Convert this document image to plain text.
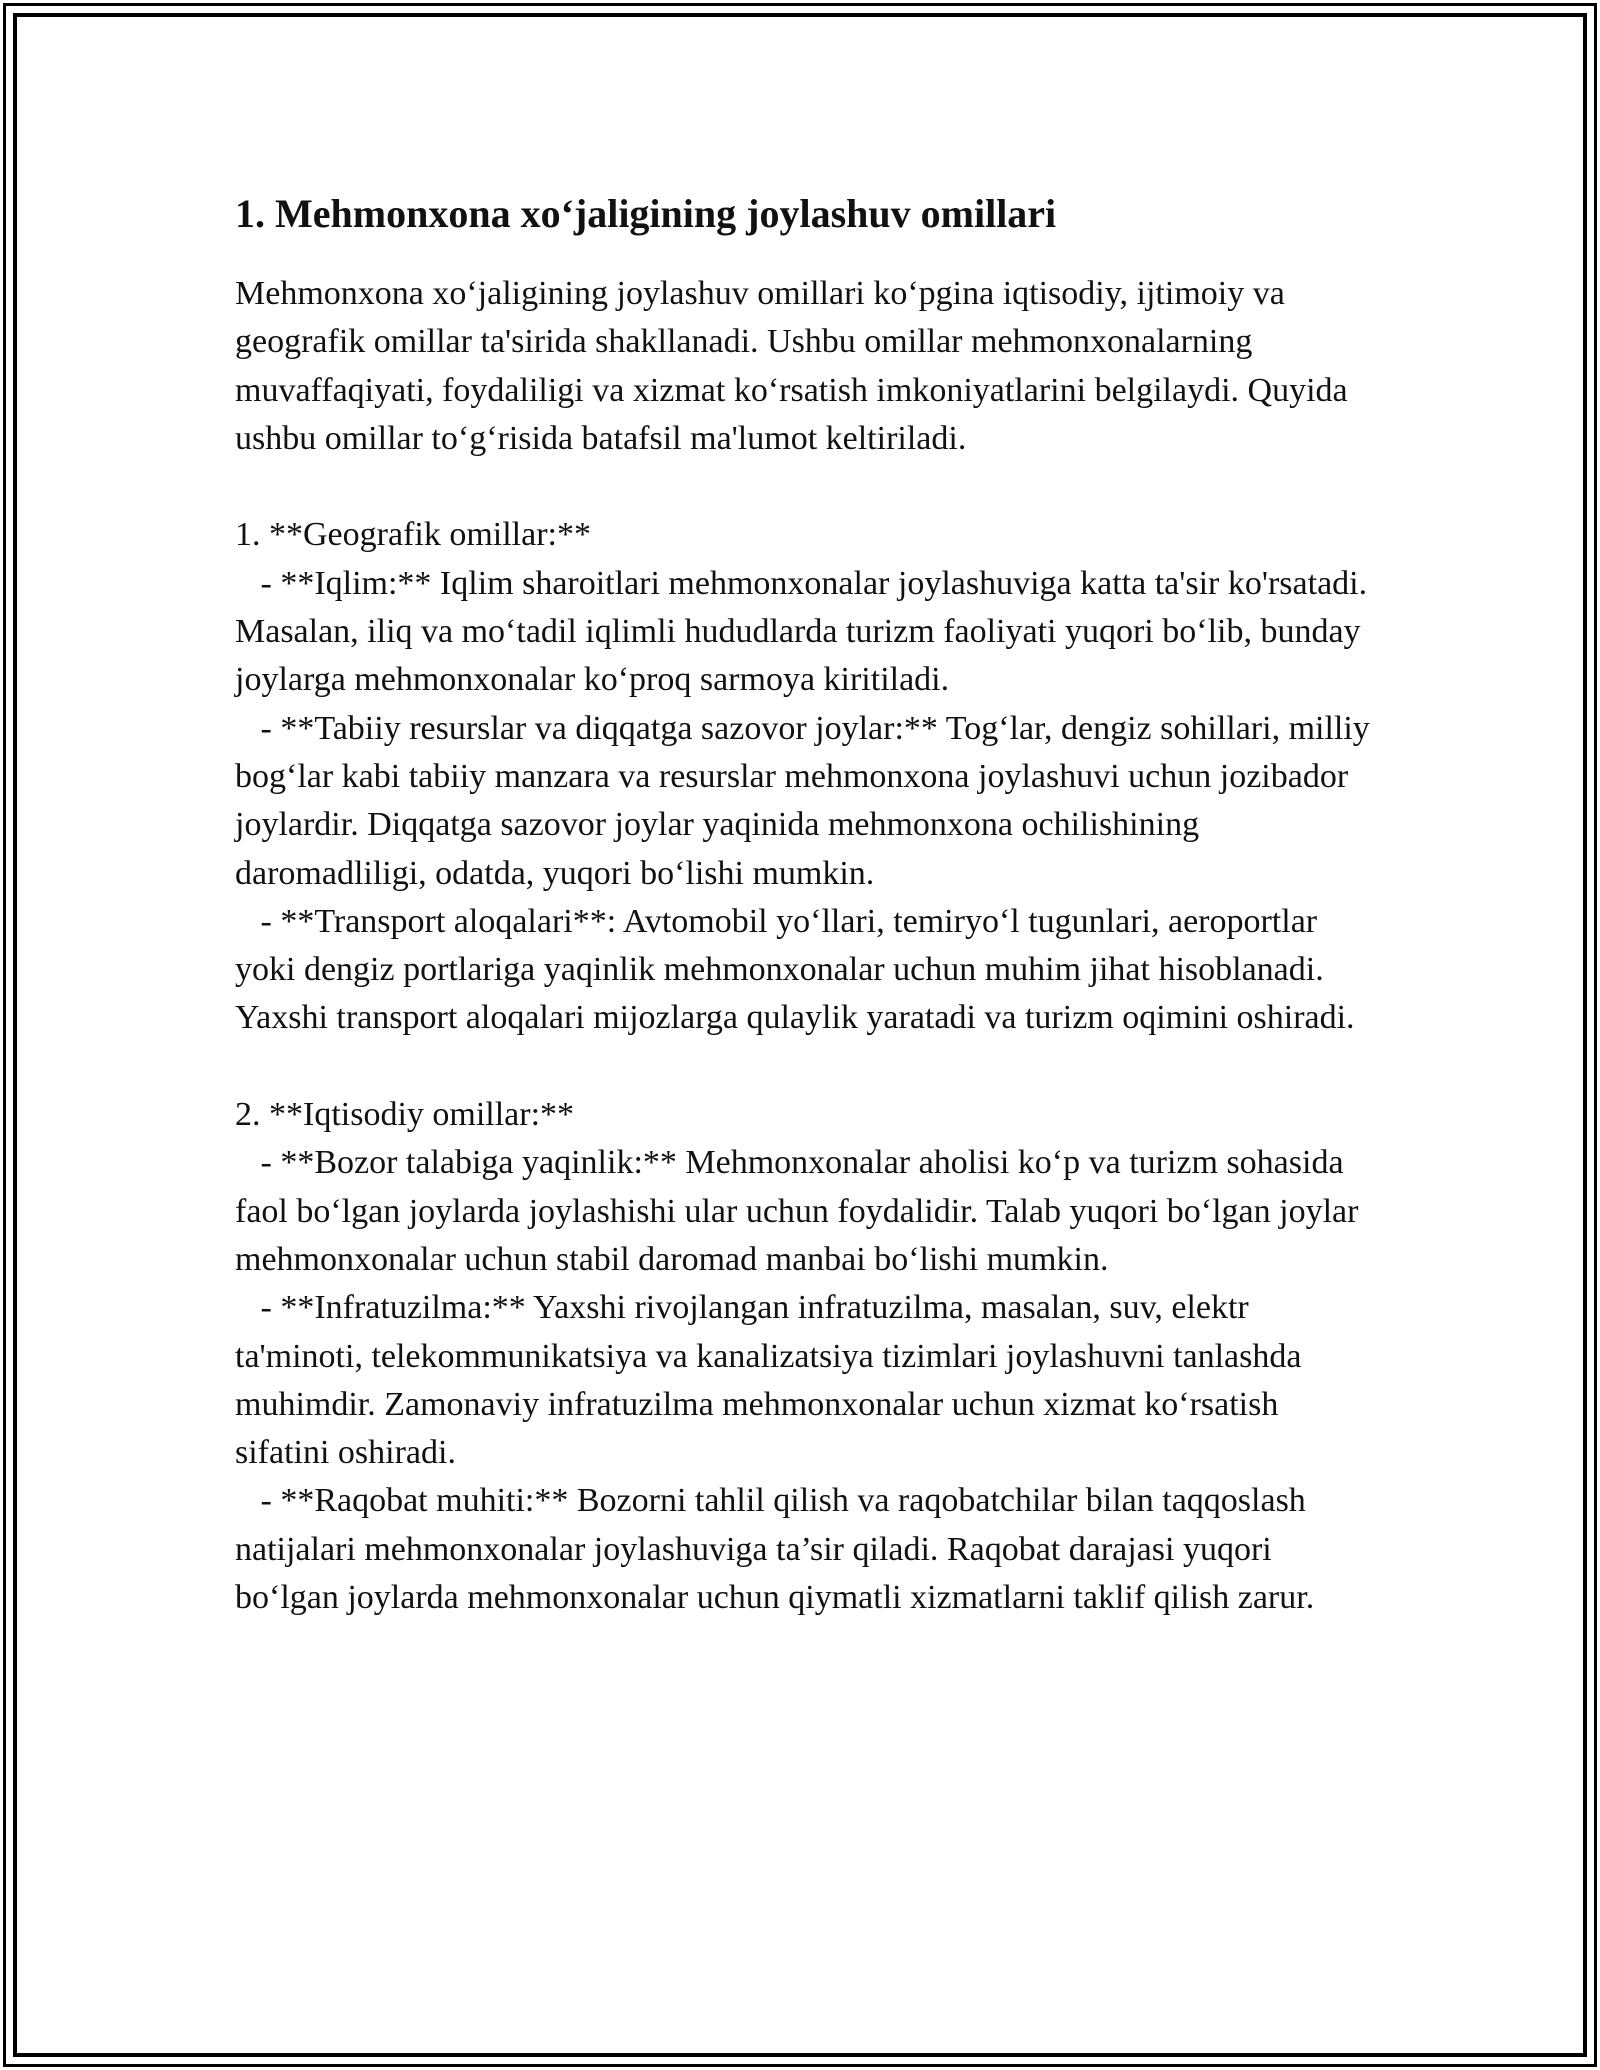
1. Mehmonxona xo‘jaligining joylashuv omillari

Mehmonxona xo‘jaligining joylashuv omillari ko‘pgina iqtisodiy, ijtimoiy va geografik omillar ta'sirida shakllanadi. Ushbu omillar mehmonxonalarning muvaffaqiyati, foydaliligi va xizmat ko‘rsatish imkoniyatlarini belgilaydi. Quyida ushbu omillar to‘g‘risida batafsil ma'lumot keltiriladi.

1. **Geografik omillar:**

- **Iqlim:** Iqlim sharoitlari mehmonxonalar joylashuviga katta ta'sir ko'rsatadi. Masalan, iliq va mo‘tadil iqlimli hududlarda turizm faoliyati yuqori bo‘lib, bunday joylarga mehmonxonalar ko‘proq sarmoya kiritiladi.

- **Tabiiy resurslar va diqqatga sazovor joylar:** Tog‘lar, dengiz sohillari, milliy bog‘lar kabi tabiiy manzara va resurslar mehmonxona joylashuvi uchun jozibador joylardir. Diqqatga sazovor joylar yaqinida mehmonxona ochilishining daromadliligi, odatda, yuqori bo‘lishi mumkin.

- **Transport aloqalari**: Avtomobil yo‘llari, temiryo‘l tugunlari, aeroportlar yoki dengiz portlariga yaqinlik mehmonxonalar uchun muhim jihat hisoblanadi. Yaxshi transport aloqalari mijozlarga qulaylik yaratadi va turizm oqimini oshiradi.

2. **Iqtisodiy omillar:**

- **Bozor talabiga yaqinlik:** Mehmonxonalar aholisi ko‘p va turizm sohasida faol bo‘lgan joylarda joylashishi ular uchun foydalidir. Talab yuqori bo‘lgan joylar mehmonxonalar uchun stabil daromad manbai bo‘lishi mumkin.

- **Infratuzilma:** Yaxshi rivojlangan infratuzilma, masalan, suv, elektr ta'minoti, telekommunikatsiya va kanalizatsiya tizimlari joylashuvni tanlashda muhimdir. Zamonaviy infratuzilma mehmonxonalar uchun xizmat ko‘rsatish sifatini oshiradi.

- **Raqobat muhiti:** Bozorni tahlil qilish va raqobatchilar bilan taqqoslash natijalari mehmonxonalar joylashuviga ta’sir qiladi. Raqobat darajasi yuqori bo‘lgan joylarda mehmonxonalar uchun qiymatli xizmatlarni taklif qilish zarur.
